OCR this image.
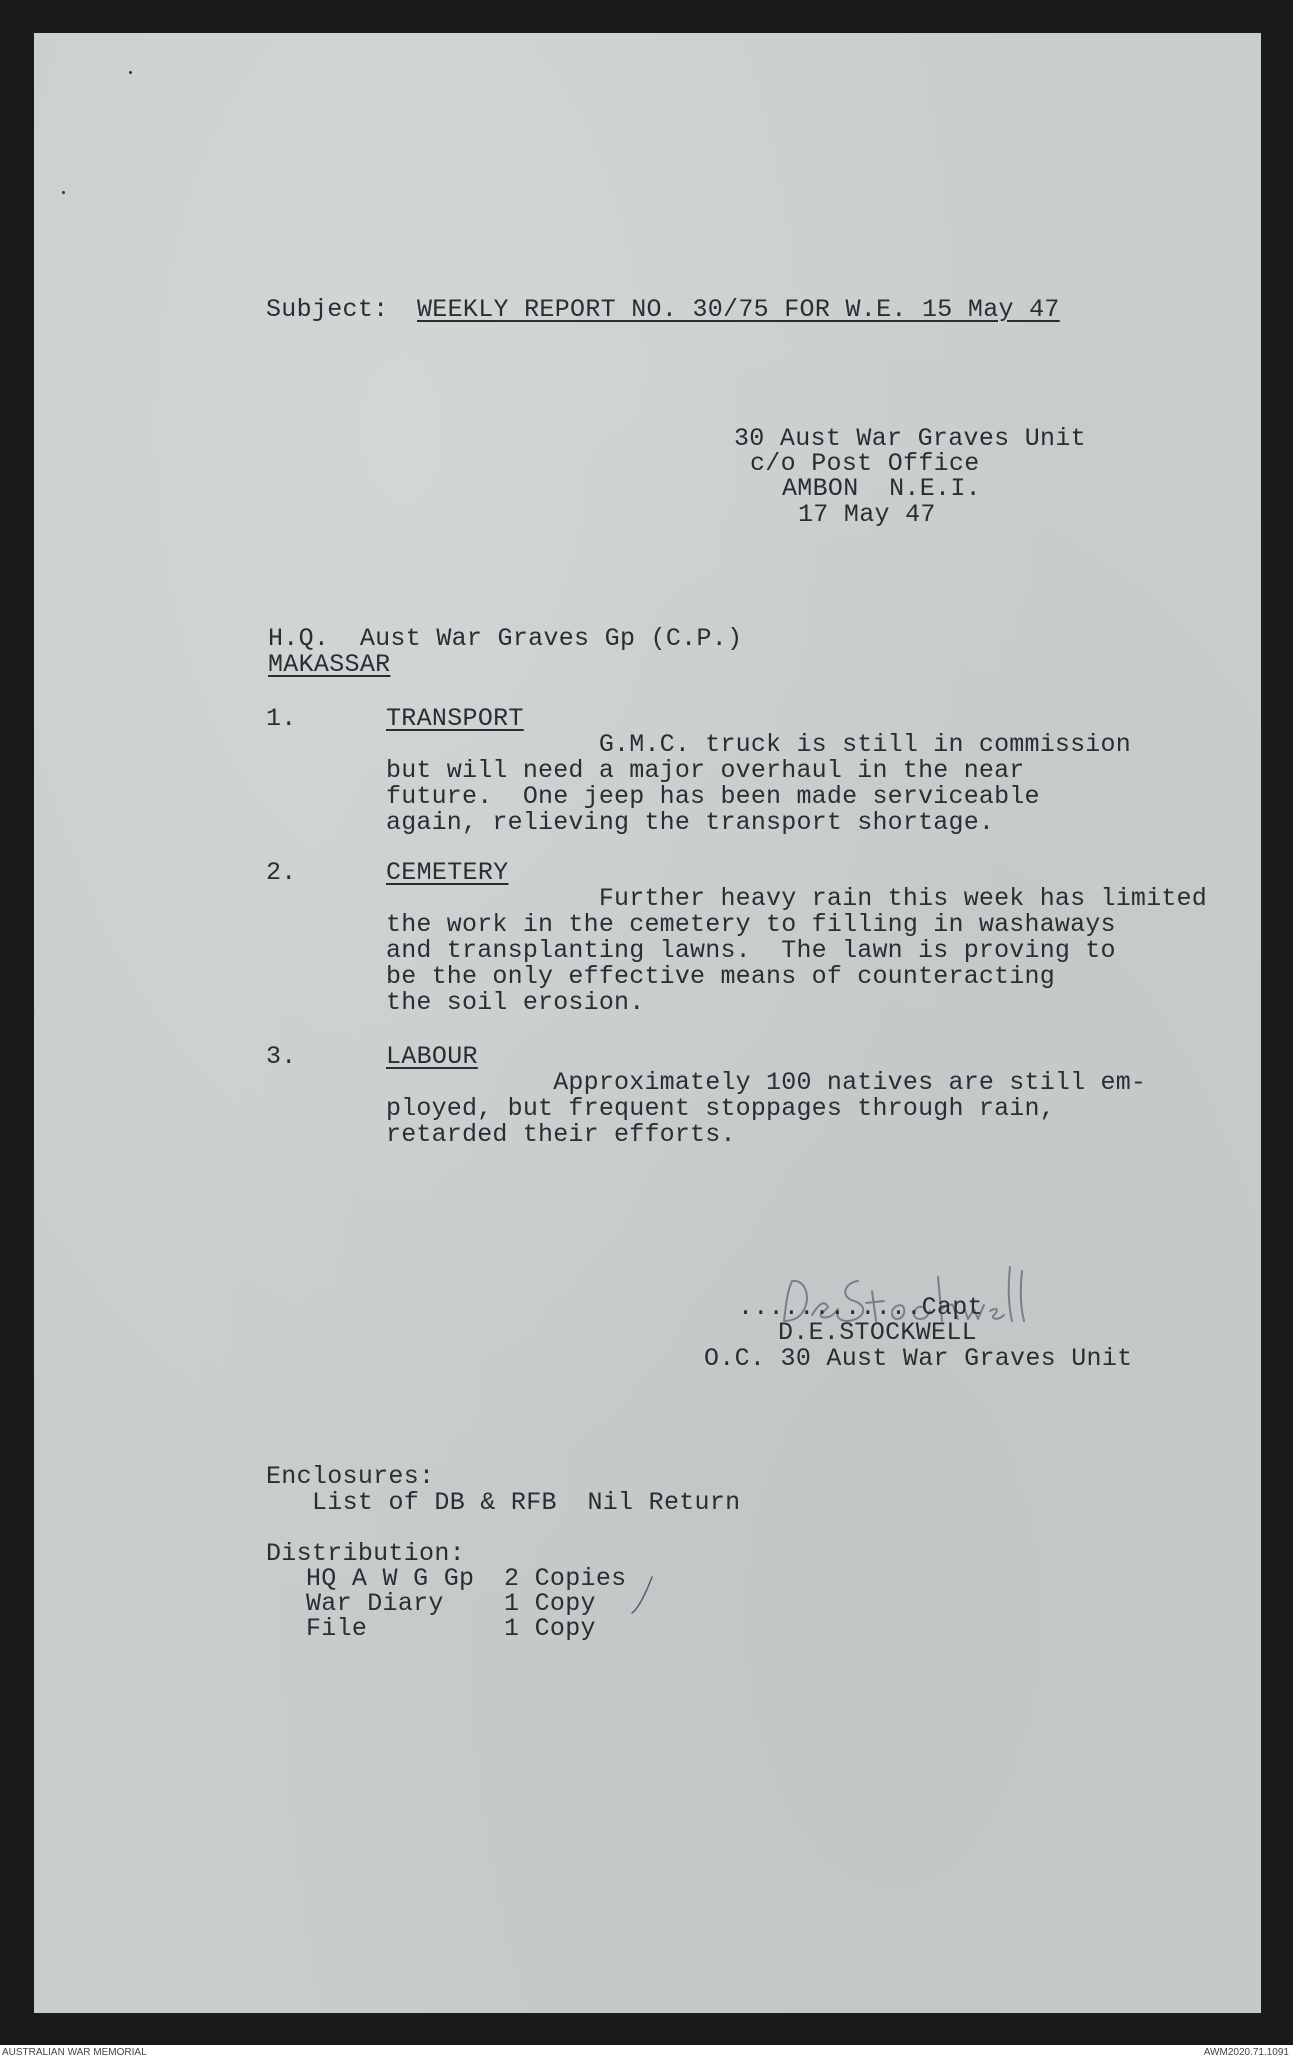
Subject: WEEKLY REPORT NO. 30/75 FOR W.E. 15 May 47
30 Aust War Graves Unit
c/o Post Office
AMBON  N.E.I.
17 May 47
H.Q.  Aust War Graves Gp (C.P.)
MAKASSAR
1.	TRANSPORT
G.M.C. truck is still in commission
but will need a major overhaul in the near
future.  One jeep has been made serviceable
again, relieving the transport shortage.
2.	CEMETERY
Further heavy rain this week has limited
the work in the cemetery to filling in washaways
and transplanting lawns.  The lawn is proving to
be the only effective means of counteracting
the soil erosion.
3.	LABOUR
Approximately 100 natives are still em-
ployed, but frequent stoppages through rain,
retarded their efforts.
............Capt
D.E.STOCKWELL
O.C. 30 Aust War Graves Unit
Enclosures:
List of DB & RFB  Nil Return
Distribution:
HQ A W G Gp 2 Copies
War Diary 1 Copy
File	1 Copy
AUSTRALIAN WAR MEMORIAL	AWM2020.71.1091
